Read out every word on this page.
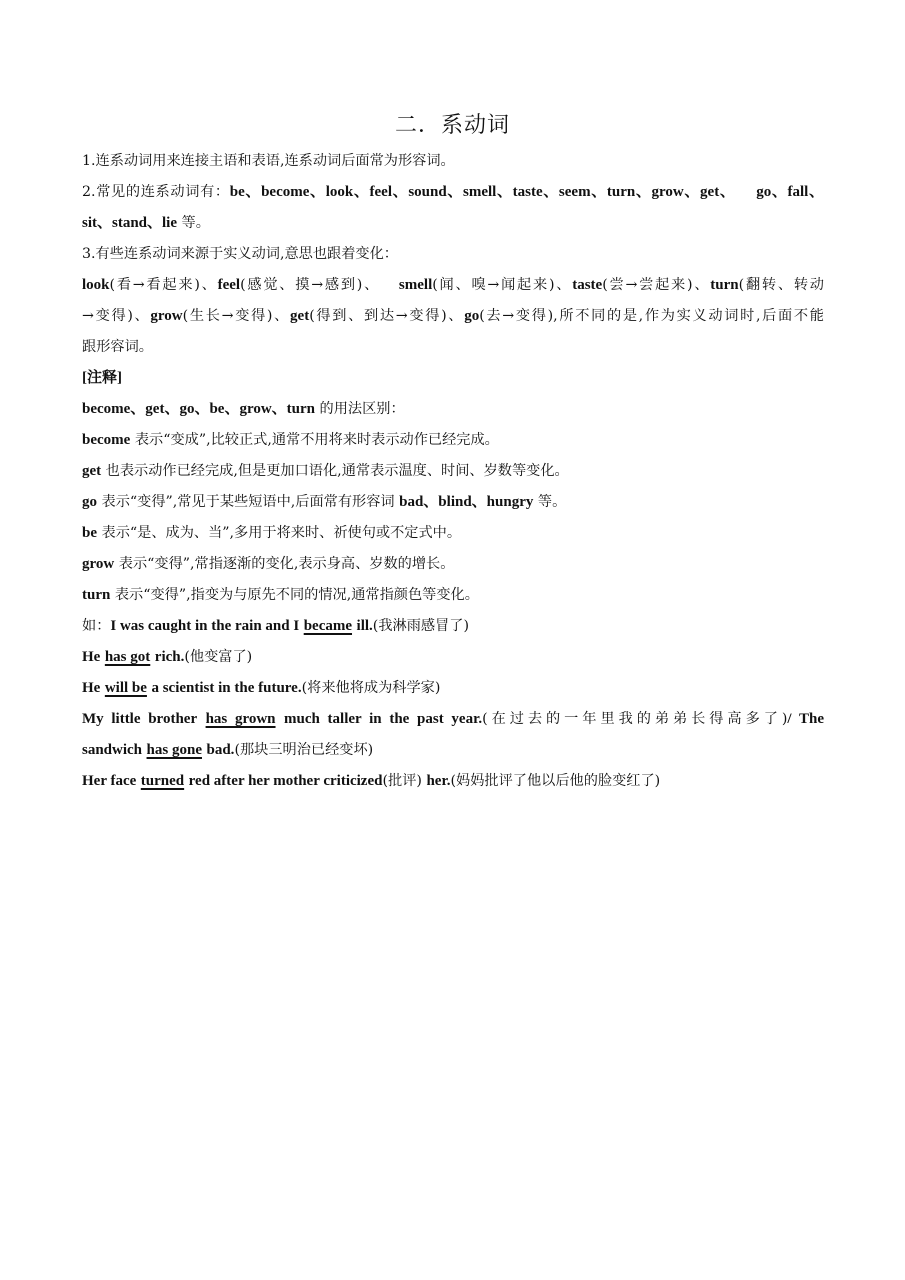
二．系动词
1.连系动词用来连接主语和表语,连系动词后面常为形容词。
2.常见的连系动词有：be、become、look、feel、sound、smell、taste、seem、turn、grow、get、 go、fall、
sit、stand、lie 等。
3.有些连系动词来源于实义动词,意思也跟着变化：
look(看→看起来)、feel(感觉、摸→感到)、 smell(闻、嗅→闻起来)、taste(尝→尝起来)、turn(翻转、转动
→变得)、grow(生长→变得)、get(得到、到达→变得)、go(去→变得),所不同的是,作为实义动词时,后面不能
跟形容词。
[注释]
become、get、go、be、grow、turn 的用法区别：
become 表示“变成”,比较正式,通常不用将来时表示动作已经完成。
get 也表示动作已经完成,但是更加口语化,通常表示温度、时间、岁数等变化。
go 表示“变得”,常见于某些短语中,后面常有形容词 bad、blind、hungry 等。
be 表示“是、成为、当”,多用于将来时、祈使句或不定式中。
grow 表示“变得”,常指逐渐的变化,表示身高、岁数的增长。
turn 表示“变得”,指变为与原先不同的情况,通常指颜色等变化。
如：I was caught in the rain and I became ill.(我淋雨感冒了)
He has got rich.(他变富了)
He will be a scientist in the future.(将来他将成为科学家)
My little brother has grown much taller in the past year.(在过去的一年里我的弟弟长得高多了)/ The
sandwich has gone bad.(那块三明治已经变坏)
Her face turned red after her mother criticized(批评) her.(妈妈批评了他以后他的脸变红了)
